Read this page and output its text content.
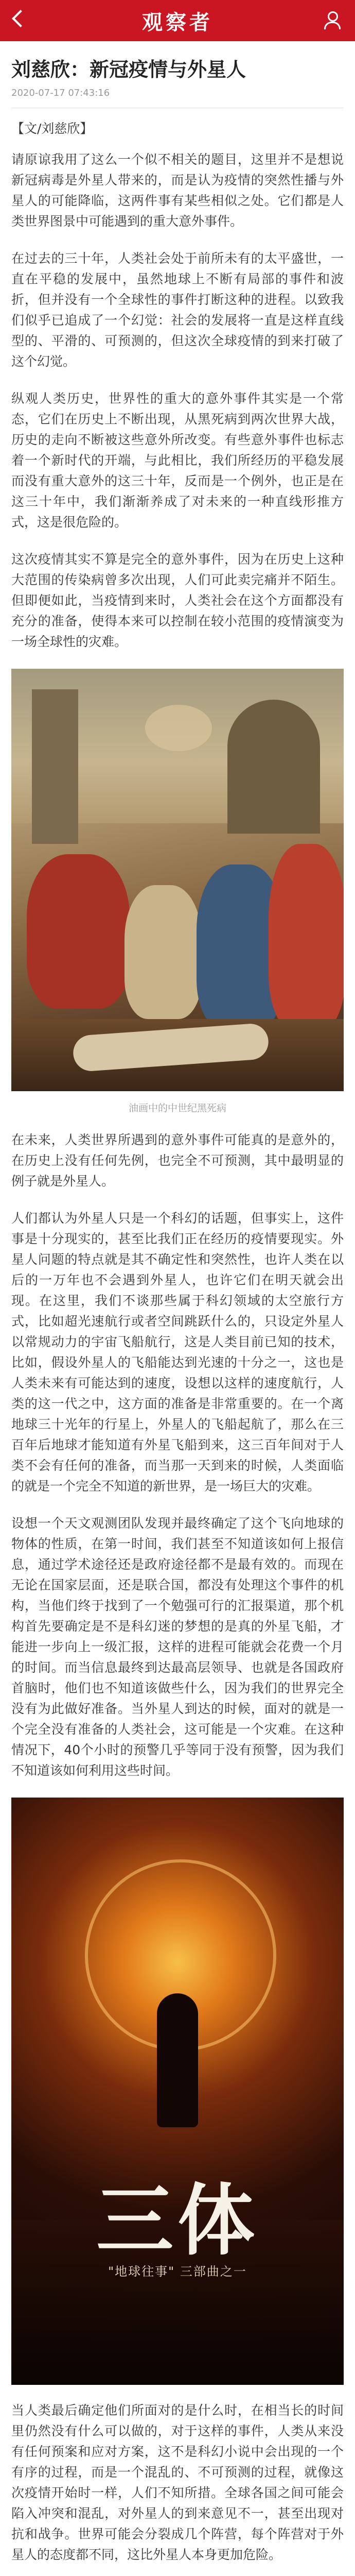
观察者
刘慈欣：新冠疫情与外星人
2020-07-17 07:43:16
【文/刘慈欣】

请原谅我用了这么一个似不相关的题目，这里并不是想说新冠病毒是外星人带来的，而是认为疫情的突然性播与外星人的可能降临，这两件事有某些相似之处。它们都是人类世界图景中可能遇到的重大意外事件。

在过去的三十年，人类社会处于前所未有的太平盛世，一直在平稳的发展中，虽然地球上不断有局部的事件和波折，但并没有一个全球性的事件打断这种的进程。以致我们似乎已追成了一个幻觉：社会的发展将一直是这样直线型的、平滑的、可预测的，但这次全球疫情的到来打破了这个幻觉。

纵观人类历史，世界性的重大的意外事件其实是一个常态，它们在历史上不断出现，从黑死病到两次世界大战，历史的走向不断被这些意外所改变。有些意外事件也标志着一个新时代的开端，与此相比，我们所经历的平稳发展而没有重大意外的这三十年，反而是一个例外，也正是在这三十年中，我们渐渐养成了对未来的一种直线形推方式，这是很危险的。

这次疫情其实不算是完全的意外事件，因为在历史上这种大范围的传染病曾多次出现，人们可此卖完痛并不陌生。但即便如此，当疫情到来时，人类社会在这个方面都没有充分的准备，使得本来可以控制在较小范围的疫情演变为一场全球性的灾难。

油画中的中世纪黑死病

在未来，人类世界所遇到的意外事件可能真的是意外的，在历史上没有任何先例，也完全不可预测，其中最明显的例子就是外星人。

人们都认为外星人只是一个科幻的话题，但事实上，这件事是十分现实的，甚至比我们正在经历的疫情要现实。外星人问题的特点就是其不确定性和突然性，也许人类在以后的一万年也不会遇到外星人，也许它们在明天就会出现。在这里，我们不谈那些属于科幻领域的太空旅行方式，比如超光速航行或者空间跳跃什么的，只设定外星人以常规动力的宇宙飞船航行，这是人类目前已知的技术，比如，假设外星人的飞船能达到光速的十分之一，这也是人类未来有可能达到的速度，设想以这样的速度航行，人类的这一代之中，这方面的准备是非常重要的。在一个离地球三十光年的行星上，外星人的飞船起航了，那么在三百年后地球才能知道有外星飞船到来，这三百年间对于人类不会有任何的准备，而当那一天到来的时候，人类面临的就是一个完全不知道的新世界，是一场巨大的灾难。

设想一个天文观测团队发现并最终确定了这个飞向地球的物体的性质，在第一时间，我们甚至不知道该如何上报信息，通过学术途径还是政府途径都不是最有效的。而现在无论在国家层面，还是联合国，都没有处理这个事件的机构，当他们终于找到了一个勉强可行的汇报渠道，那个机构首先要确定是不是科幻迷的梦想的是真的外星飞船，才能进一步向上一级汇报，这样的进程可能就会花费一个月的时间。而当信息最终到达最高层领导、也就是各国政府首脑时，他们也不知道该做些什么，因为我们的世界完全没有为此做好准备。当外星人到达的时候，面对的就是一个完全没有准备的人类社会，这可能是一个灾难。在这种情况下，40个小时的预警几乎等同于没有预警，因为我们不知道该如何利用这些时间。

三体
"地球往事" 三部曲之一

当人类最后确定他们所面对的是什么时，在相当长的时间里仍然没有什么可以做的，对于这样的事件，人类从来没有任何预案和应对方案，这不是科幻小说中会出现的一个有序的过程，而是一个混乱的、不可预测的过程，就像这次疫情开始时一样，人们不知所措。全球各国之间可能会陷入冲突和混乱，对外星人的到来意见不一，甚至出现对抗和战争。世界可能会分裂成几个阵营，每个阵营对于外星人的态度都不同，这比外星人本身更加危险。
